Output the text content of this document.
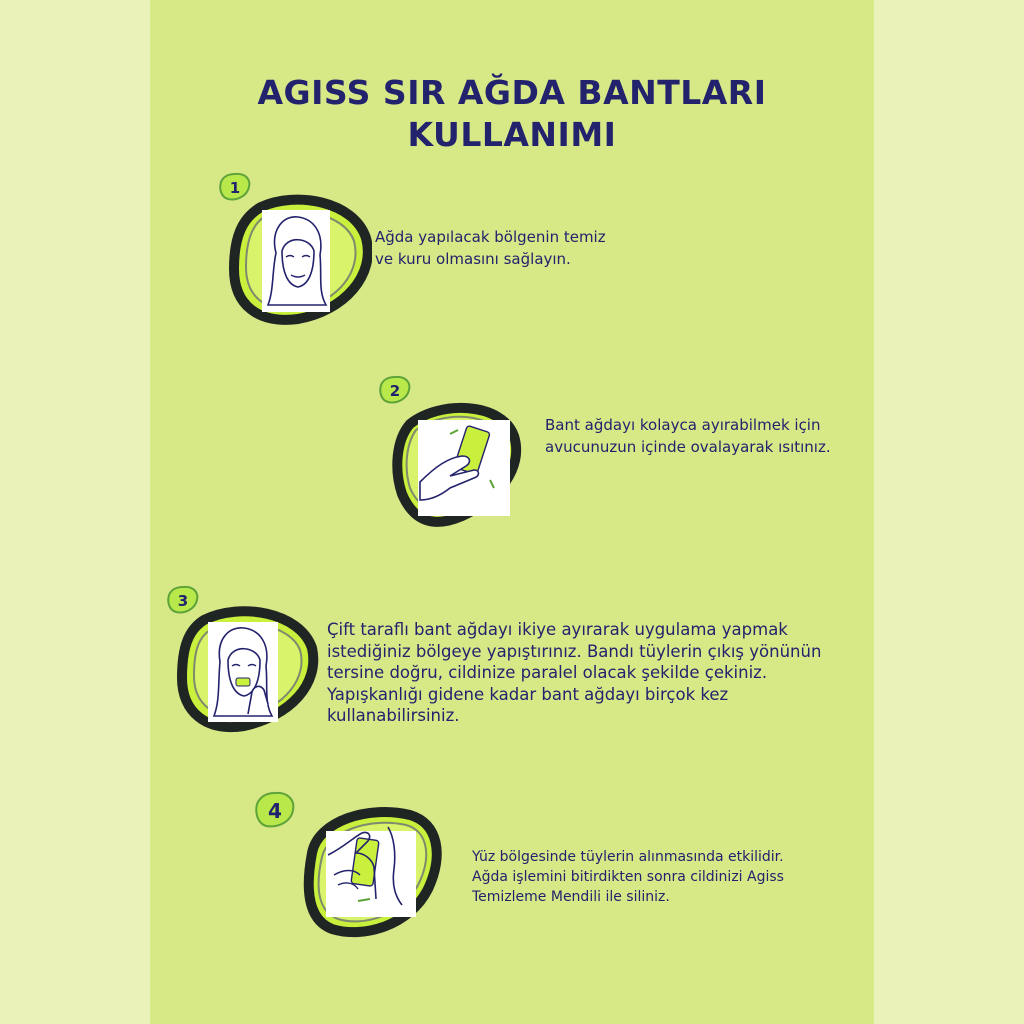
AGISS SIR AĞDA BANTLARI
KULLANIMI
1

Ağda yapılacak bölgenin temiz
ve kuru olmasını sağlayın.

2

Bant ağdayı kolayca ayırabilmek için
avucunuzun içinde ovalayarak ısıtınız.

3

Çift taraflı bant ağdayı ikiye ayırarak uygulama yapmak
istediğiniz bölgeye yapıştırınız. Bandı tüylerin çıkış yönünün
tersine doğru, cildinize paralel olacak şekilde çekiniz.
Yapışkanlığı gidene kadar bant ağdayı birçok kez
kullanabilirsiniz.

4

Yüz bölgesinde tüylerin alınmasında etkilidir.
Ağda işlemini bitirdikten sonra cildinizi Agiss
Temizleme Mendili ile siliniz.
